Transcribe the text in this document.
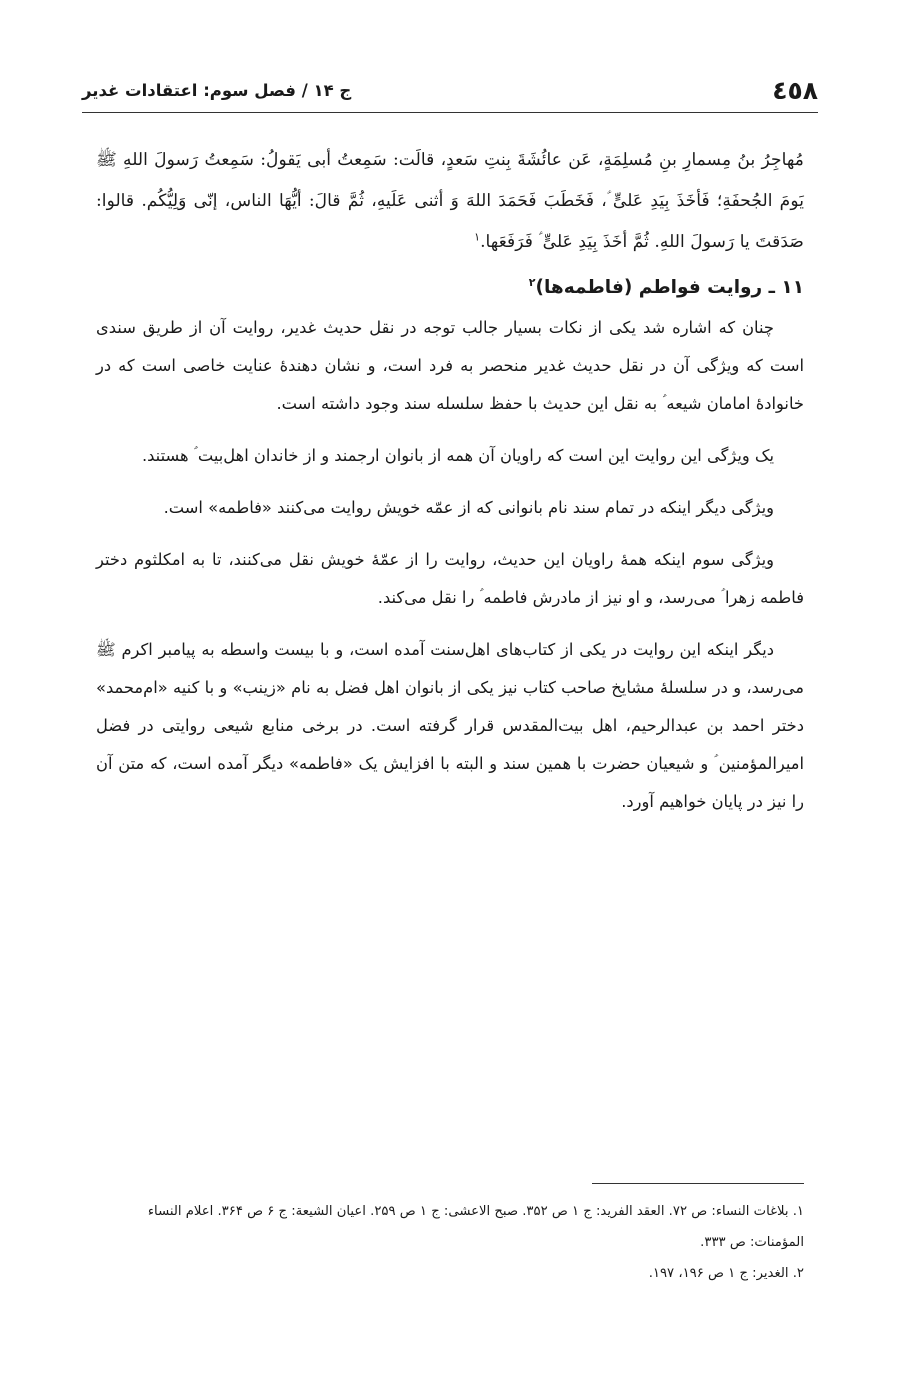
٤٥٨
ج ۱۴ / فصل سوم: اعتقادات غدیر

مُهاجِرُ بنُ مِسمارِ بنِ مُسلِمَةٍ، عَن عائُشَةَ بِنتِ سَعدٍ، قالَت: سَمِعتُ أبی یَقولُ: سَمِعتُ رَسولَ اللهِ ﷺ یَومَ الجُحفَةِ؛ فَأخَذَ بِیَدِ عَلیٍّ ؑ، فَخَطَبَ فَحَمَدَ اللهَ وَ أثنی عَلَیهِ، ثُمَّ قالَ: أیُّهَا الناس، إنّی وَلِیُّکُم. قالوا: صَدَقتَ یا رَسولَ اللهِ. ثُمَّ أخَذَ بِیَدِ عَلیٍّ ؑ فَرَفَعَها.$^۱$

۱۱ ـ روایت فواطم (فاطمه‌ها)$^۲$

چنان که اشاره شد یکی از نکات بسیار جالب توجه در نقل حدیث غدیر، روایت آن از طریق سندی است که ویژگی آن در نقل حدیث غدیر منحصر به فرد است، و نشان دهندهٔ عنایت خاصی است که در خانوادهٔ امامان شیعه ؑ به نقل این حدیث با حفظ سلسله سند وجود داشته است.

یک ویژگی این روایت این است که راویان آن همه از بانوان ارجمند و از خاندان اهل‌بیت ؑ هستند.

ویژگی دیگر اینکه در تمام سند نام بانوانی که از عمّه خویش روایت می‌کنند «فاطمه» است.

ویژگی سوم اینکه همهٔ راویان این حدیث، روایت را از عمّهٔ خویش نقل می‌کنند، تا به امکلثوم دختر فاطمه زهرا ؑ می‌رسد، و او نیز از مادرش فاطمه ؑ را نقل می‌کند.

دیگر اینکه این روایت در یکی از کتاب‌های اهل‌سنت آمده است، و با بیست واسطه به پیامبر اکرم ﷺ می‌رسد، و در سلسلهٔ مشایخ صاحب کتاب نیز یکی از بانوان اهل فضل به نام «زینب» و با کنیه «ام‌محمد» دختر احمد بن عبدالرحیم، اهل بیت‌المقدس قرار گرفته است. در برخی منابع شیعی روایتی در فضل امیرالمؤمنین ؑ و شیعیان حضرت با همین سند و البته با افزایش یک «فاطمه» دیگر آمده است، که متن آن را نیز در پایان خواهیم آورد.

۱. بلاغات النساء: ص ۷۲. العقد الفرید: ج ۱ ص ۳۵۲. صبح الاعشی: ج ۱ ص ۲۵۹. اعیان الشیعة: ج ۶ ص ۳۶۴. اعلام النساء المؤمنات: ص ۳۳۳.

۲. الغدیر: ج ۱ ص ۱۹۶، ۱۹۷.
